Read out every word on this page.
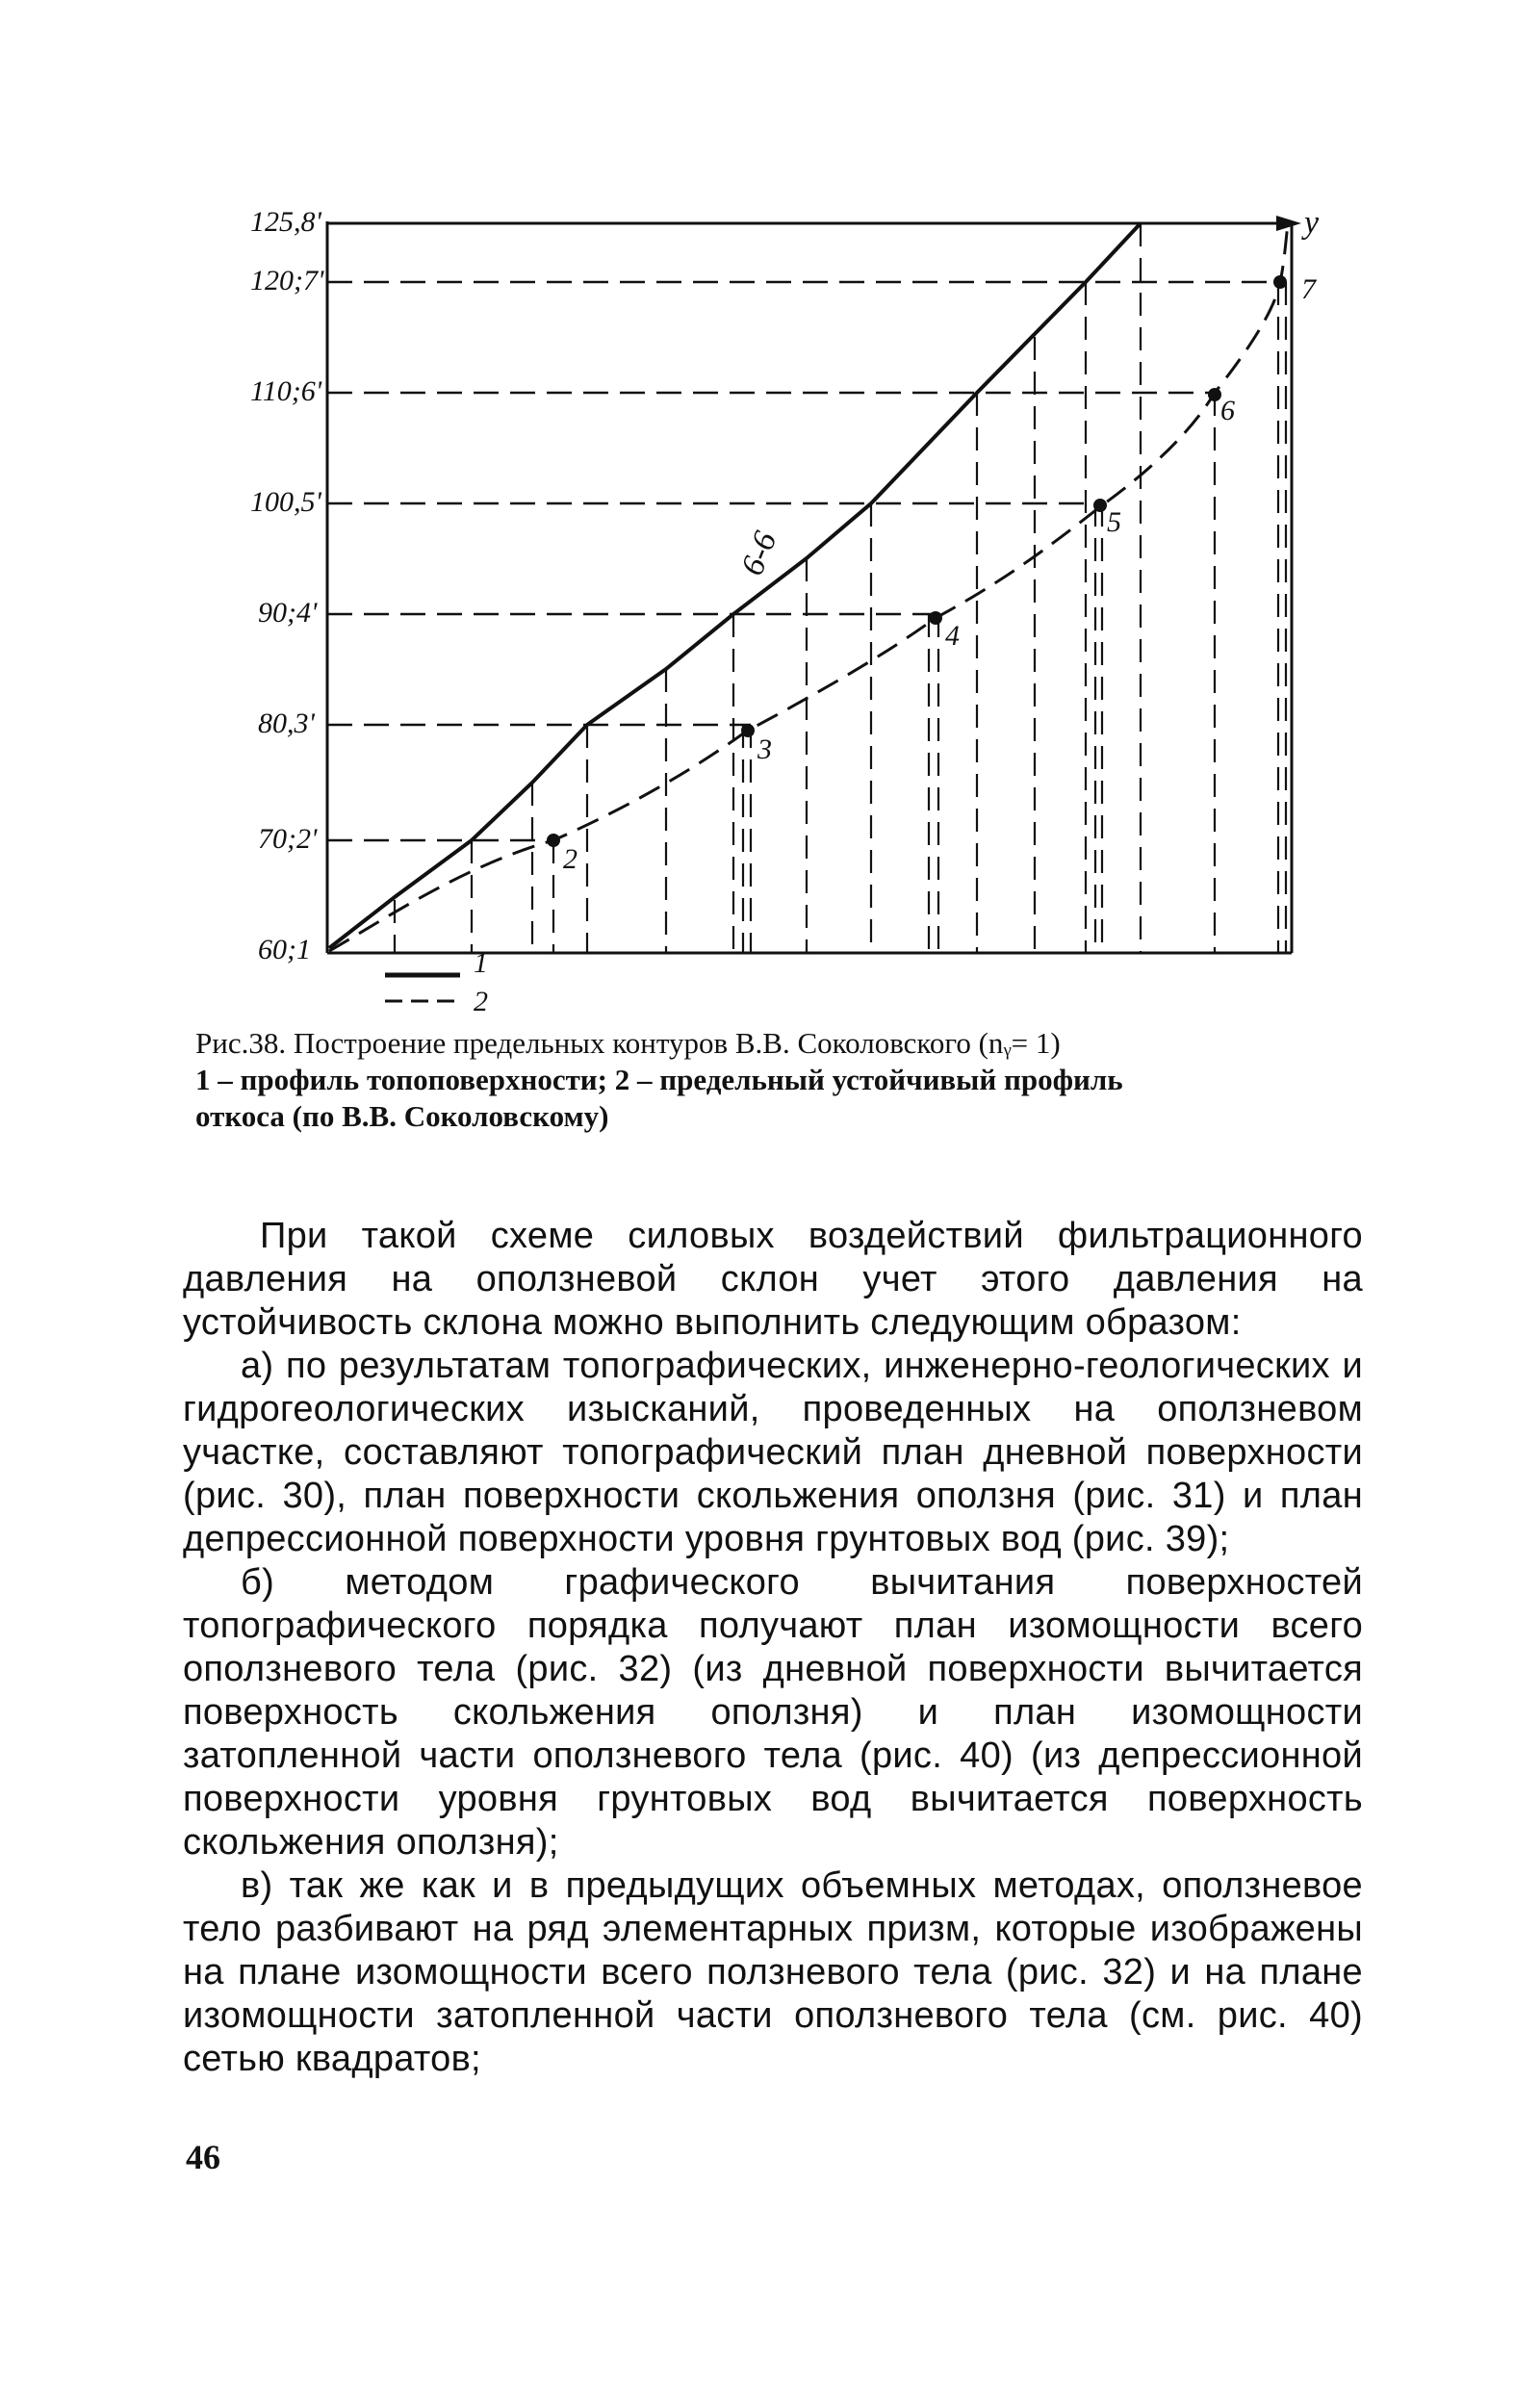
125,8'
120;7'
110;6'
100,5'
90;4'
80,3'
70;2'
60;1
2
3
4
5
6
7
y
6-6
1
2
Рис.38. Построение предельных контуров В.В. Соколовского (nᵧ= 1)
1 – профиль топоповерхности; 2 – предельный устойчивый профиль
откоса (по В.В. Соколовскому)

При такой схеме силовых воздействий фильтрационного давления на оползневой склон учет этого давления на устойчивость склона можно выполнить следующим образом:

а) по результатам топографических, инженерно-геологических и гидрогеологических изысканий, проведенных на оползневом участке, составляют топографический план дневной поверхности (рис. 30), план поверхности скольжения оползня (рис. 31) и план депрессионной поверхности уровня грунтовых вод (рис. 39);

б) методом графического вычитания поверхностей топографического порядка получают план изомощности всего оползневого тела (рис. 32) (из дневной поверхности вычитается поверхность скольжения оползня) и план изомощности затопленной части оползневого тела (рис. 40) (из депрессионной поверхности уровня грунтовых вод вычитается поверхность скольжения оползня);

в) так же как и в предыдущих объемных методах, оползневое тело разбивают на ряд элементарных призм, которые изображены на плане изомощности всего ползневого тела (рис. 32) и на плане изомощности затопленной части оползневого тела (см. рис. 40) сетью квадратов;

46
